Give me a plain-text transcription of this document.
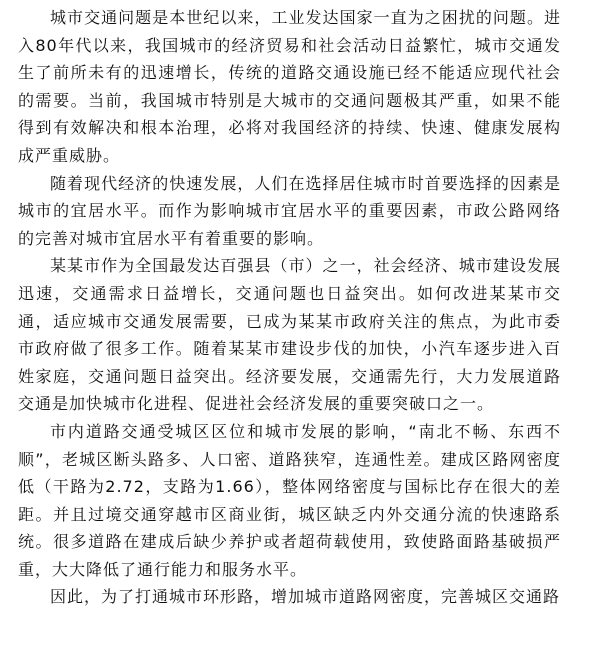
城市交通问题是本世纪以来，工业发达国家一直为之困扰的问题。进入80年代以来，我国城市的经济贸易和社会活动日益繁忙，城市交通发生了前所未有的迅速增长，传统的道路交通设施已经不能适应现代社会的需要。当前，我国城市特别是大城市的交通问题极其严重，如果不能得到有效解决和根本治理，必将对我国经济的持续、快速、健康发展构成严重威胁。

随着现代经济的快速发展，人们在选择居住城市时首要选择的因素是城市的宜居水平。而作为影响城市宜居水平的重要因素，市政公路网络的完善对城市宜居水平有着重要的影响。

某某市作为全国最发达百强县（市）之一，社会经济、城市建设发展迅速，交通需求日益增长，交通问题也日益突出。如何改进某某市交通，适应城市交通发展需要，已成为某某市政府关注的焦点，为此市委市政府做了很多工作。随着某某市建设步伐的加快，小汽车逐步进入百姓家庭，交通问题日益突出。经济要发展，交通需先行，大力发展道路交通是加快城市化进程、促进社会经济发展的重要突破口之一。

市内道路交通受城区区位和城市发展的影响，“南北不畅、东西不顺”，老城区断头路多、人口密、道路狭窄，连通性差。建成区路网密度低（干路为2.72，支路为1.66），整体网络密度与国标比存在很大的差距。并且过境交通穿越市区商业街，城区缺乏内外交通分流的快速路系统。很多道路在建成后缺少养护或者超荷载使用，致使路面路基破损严重，大大降低了通行能力和服务水平。

因此，为了打通城市环形路，增加城市道路网密度，完善城区交通路
